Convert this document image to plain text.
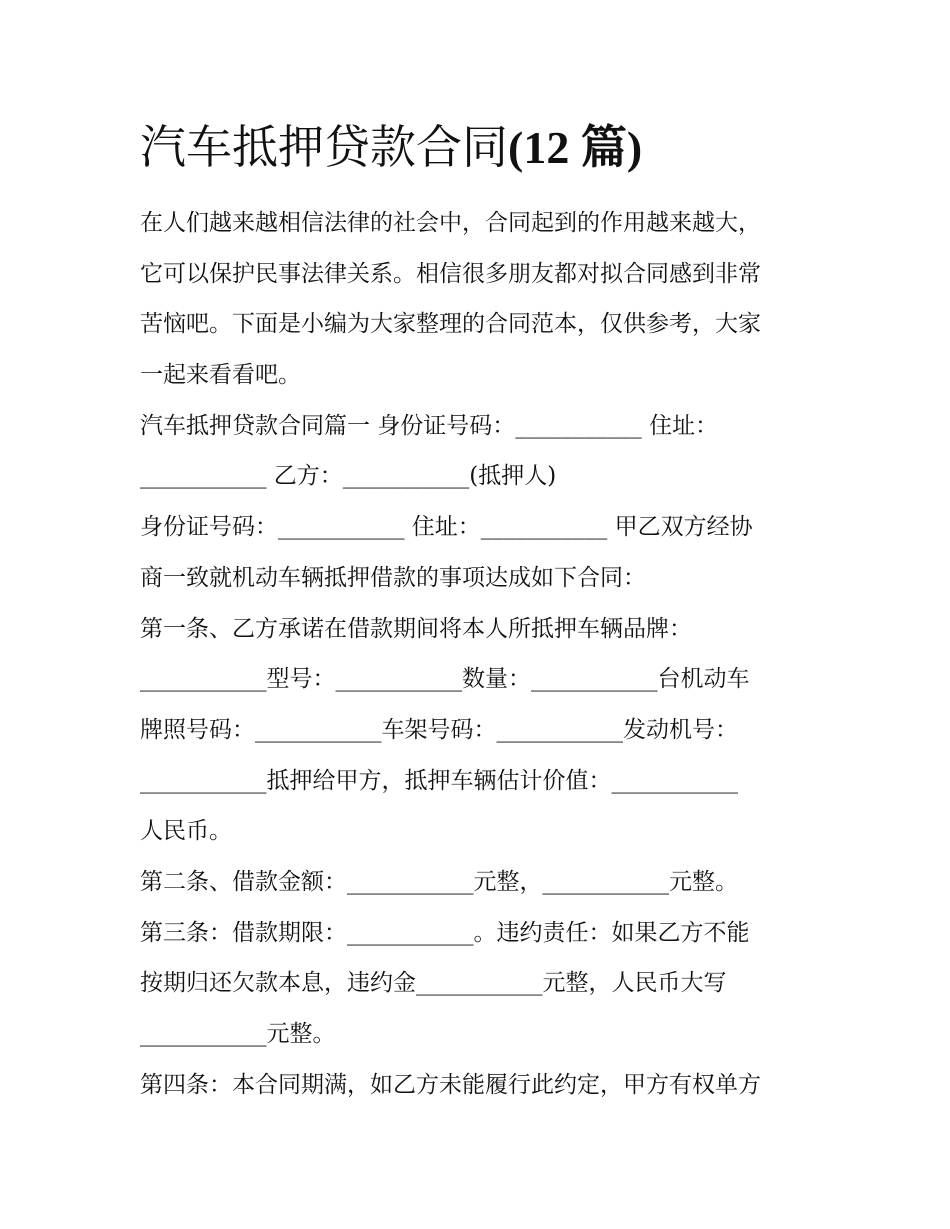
汽车抵押贷款合同(12 篇)
在人们越来越相信法律的社会中，合同起到的作用越来越大，
它可以保护民事法律关系。相信很多朋友都对拟合同感到非常
苦恼吧。下面是小编为大家整理的合同范本，仅供参考，大家
一起来看看吧。
汽车抵押贷款合同篇一 身份证号码：___________ 住址：
___________ 乙方：___________(抵押人)
身份证号码：___________ 住址：___________ 甲乙双方经协
商一致就机动车辆抵押借款的事项达成如下合同：
第一条、乙方承诺在借款期间将本人所抵押车辆品牌：
___________型号：___________数量：___________台机动车
牌照号码：___________车架号码：___________发动机号：
___________抵押给甲方，抵押车辆估计价值：___________
人民币。
第二条、借款金额：___________元整，___________元整。
第三条：借款期限：___________。违约责任：如果乙方不能
按期归还欠款本息，违约金___________元整，人民币大写
___________元整。
第四条：本合同期满，如乙方未能履行此约定，甲方有权单方
